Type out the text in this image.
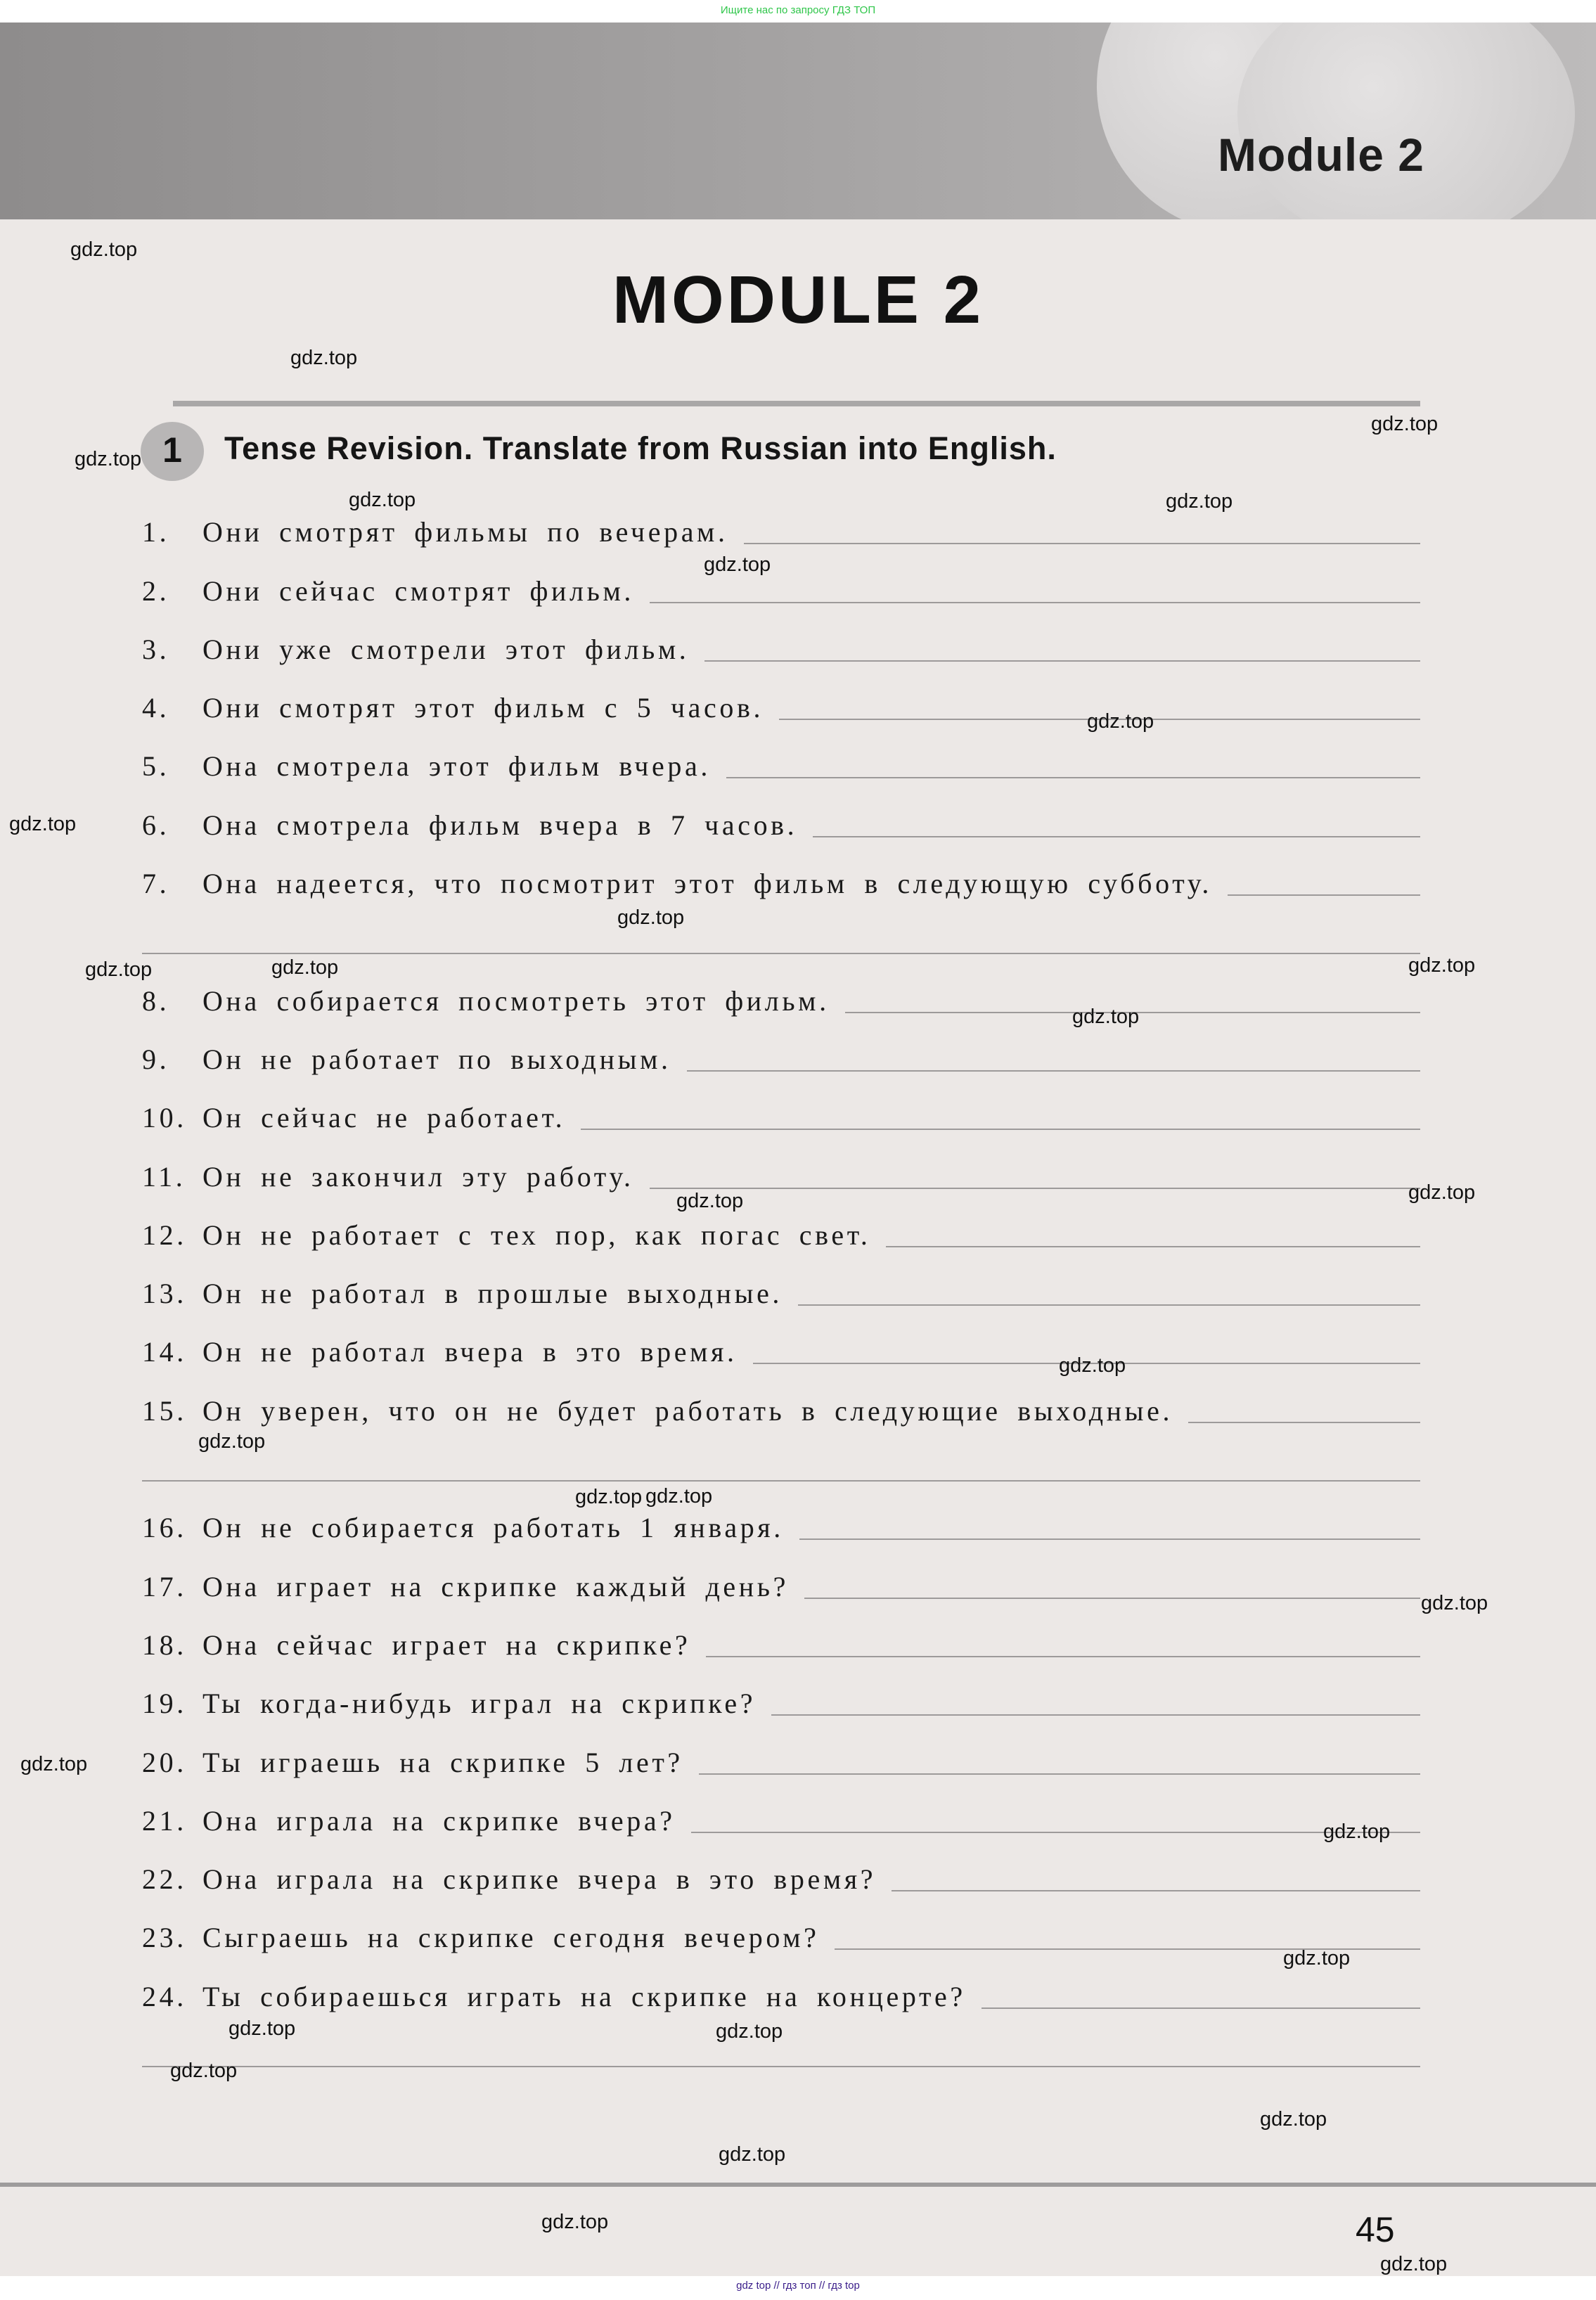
Ищите нас по запросу ГДЗ ТОП
Module 2
MODULE 2
1	Tense Revision. Translate from Russian into English.
1.	Они смотрят фильмы по вечерам.
2.	Они сейчас смотрят фильм.
3.	Они уже смотрели этот фильм.
4.	Они смотрят этот фильм с 5 часов.
5.	Она смотрела этот фильм вчера.
6.	Она смотрела фильм вчера в 7 часов.
7.	Она надеется, что посмотрит этот фильм в следующую субботу.
8.	Она собирается посмотреть этот фильм.
9.	Он не работает по выходным.
10. Он сейчас не работает.
11. Он не закончил эту работу.
12. Он не работает с тех пор, как погас свет.
13. Он не работал в прошлые выходные.
14. Он не работал вчера в это время.
15. Он уверен, что он не будет работать в следующие выходные.
16. Он не собирается работать 1 января.
17. Она играет на скрипке каждый день?
18. Она сейчас играет на скрипке?
19. Ты когда-нибудь играл на скрипке?
20. Ты играешь на скрипке 5 лет?
21. Она играла на скрипке вчера?
22. Она играла на скрипке вчера в это время?
23. Сыграешь на скрипке сегодня вечером?
24. Ты собираешься играть на скрипке на концерте?
45
gdz.top
gdz.top
gdz.top
gdz.top
gdz.top
gdz.top
gdz.top
gdz.top
gdz.top
gdz.top
gdz.top
gdz.top
gdz.top	gdz.top
gdz.top
gdz.top
gdz.top
gdz.top
gdz.top
gdz.top
gdz.top
gdz.top
gdz.top
gdz.top
gdz.top
gdz.top
gdz.top
gdz.top
gdz.top
gdz.top
gdz.top
gdz top // гдз топ // гдз top
